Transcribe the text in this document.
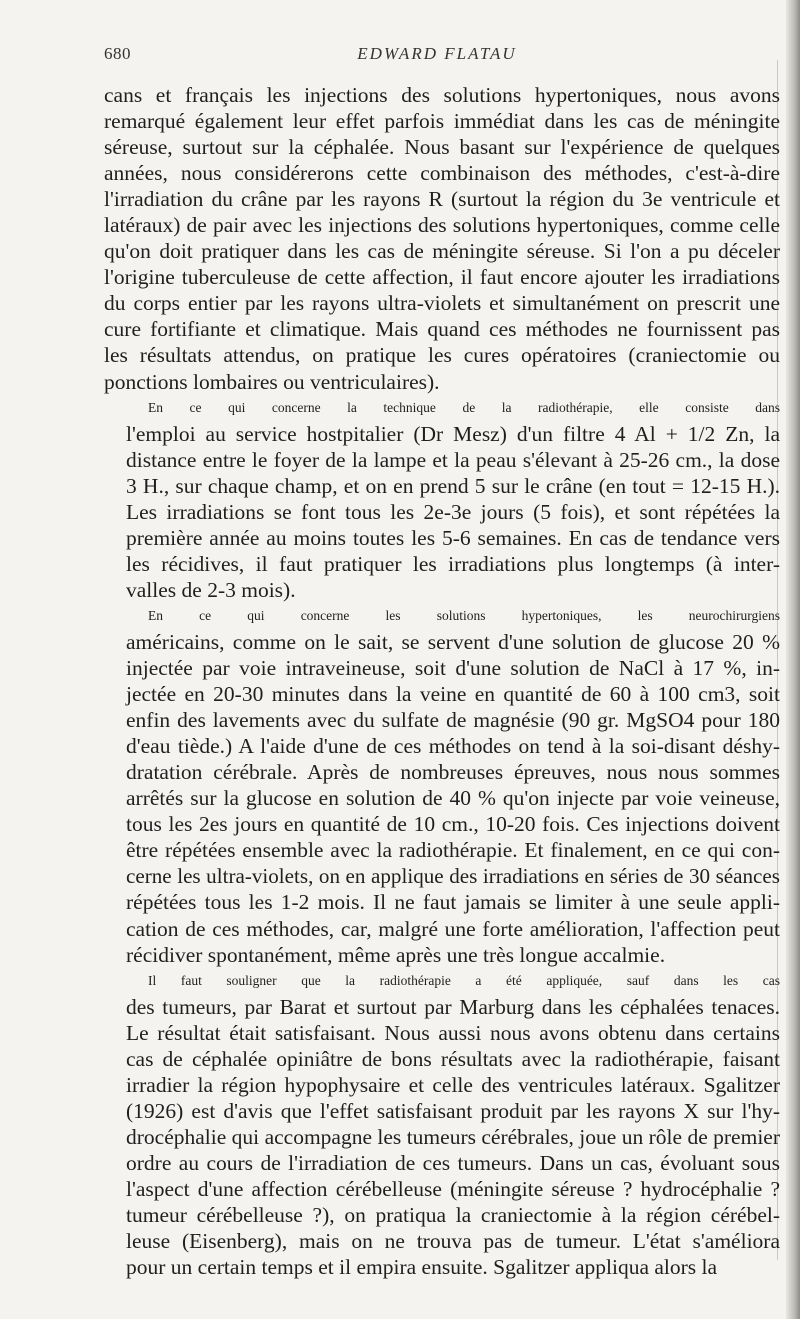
680	EDWARD FLATAU
cans et français les injections des solutions hypertoniques, nous avons
remarqué également leur effet parfois immédiat dans les cas de méningite
séreuse, surtout sur la céphalée. Nous basant sur l'expérience de quelques
années, nous considérerons cette combinaison des méthodes, c'est-à-dire
l'irradiation du crâne par les rayons R (surtout la région du 3e ventricule et
latéraux) de pair avec les injections des solutions hypertoniques, comme celle
qu'on doit pratiquer dans les cas de méningite séreuse. Si l'on a pu déceler
l'origine tuberculeuse de cette affection, il faut encore ajouter les irradiations
du corps entier par les rayons ultra-violets et simultanément on prescrit une
cure fortifiante et climatique. Mais quand ces méthodes ne fournissent pas
les résultats attendus, on pratique les cures opératoires (craniectomie ou
ponctions lombaires ou ventriculaires).
En ce qui concerne la technique de la radiothérapie, elle consiste dans
l'emploi au service hostpitalier (Dr Mesz) d'un filtre 4 Al + 1/2 Zn, la
distance entre le foyer de la lampe et la peau s'élevant à 25-26 cm., la dose
3 H., sur chaque champ, et on en prend 5 sur le crâne (en tout = 12-15 H.).
Les irradiations se font tous les 2e-3e jours (5 fois), et sont répétées la
première année au moins toutes les 5-6 semaines. En cas de tendance vers
les récidives, il faut pratiquer les irradiations plus longtemps (à inter-
valles de 2-3 mois).
En ce qui concerne les solutions hypertoniques, les neurochirurgiens
américains, comme on le sait, se servent d'une solution de glucose 20 %
injectée par voie intraveineuse, soit d'une solution de NaCl à 17 %, in-
jectée en 20-30 minutes dans la veine en quantité de 60 à 100 cm3, soit
enfin des lavements avec du sulfate de magnésie (90 gr. MgSO4 pour 180
d'eau tiède.) A l'aide d'une de ces méthodes on tend à la soi-disant déshy-
dratation cérébrale. Après de nombreuses épreuves, nous nous sommes
arrêtés sur la glucose en solution de 40 % qu'on injecte par voie veineuse,
tous les 2es jours en quantité de 10 cm., 10-20 fois. Ces injections doivent
être répétées ensemble avec la radiothérapie. Et finalement, en ce qui con-
cerne les ultra-violets, on en applique des irradiations en séries de 30 séances
répétées tous les 1-2 mois. Il ne faut jamais se limiter à une seule appli-
cation de ces méthodes, car, malgré une forte amélioration, l'affection peut
récidiver spontanément, même après une très longue accalmie.
Il faut souligner que la radiothérapie a été appliquée, sauf dans les cas
des tumeurs, par Barat et surtout par Marburg dans les céphalées tenaces.
Le résultat était satisfaisant. Nous aussi nous avons obtenu dans certains
cas de céphalée opiniâtre de bons résultats avec la radiothérapie, faisant
irradier la région hypophysaire et celle des ventricules latéraux. Sgalitzer
(1926) est d'avis que l'effet satisfaisant produit par les rayons X sur l'hy-
drocéphalie qui accompagne les tumeurs cérébrales, joue un rôle de premier
ordre au cours de l'irradiation de ces tumeurs. Dans un cas, évoluant sous
l'aspect d'une affection cérébelleuse (méningite séreuse ? hydrocéphalie ?
tumeur cérébelleuse ?), on pratiqua la craniectomie à la région cérébel-
leuse (Eisenberg), mais on ne trouva pas de tumeur. L'état s'améliora
pour un certain temps et il empira ensuite. Sgalitzer appliqua alors la
